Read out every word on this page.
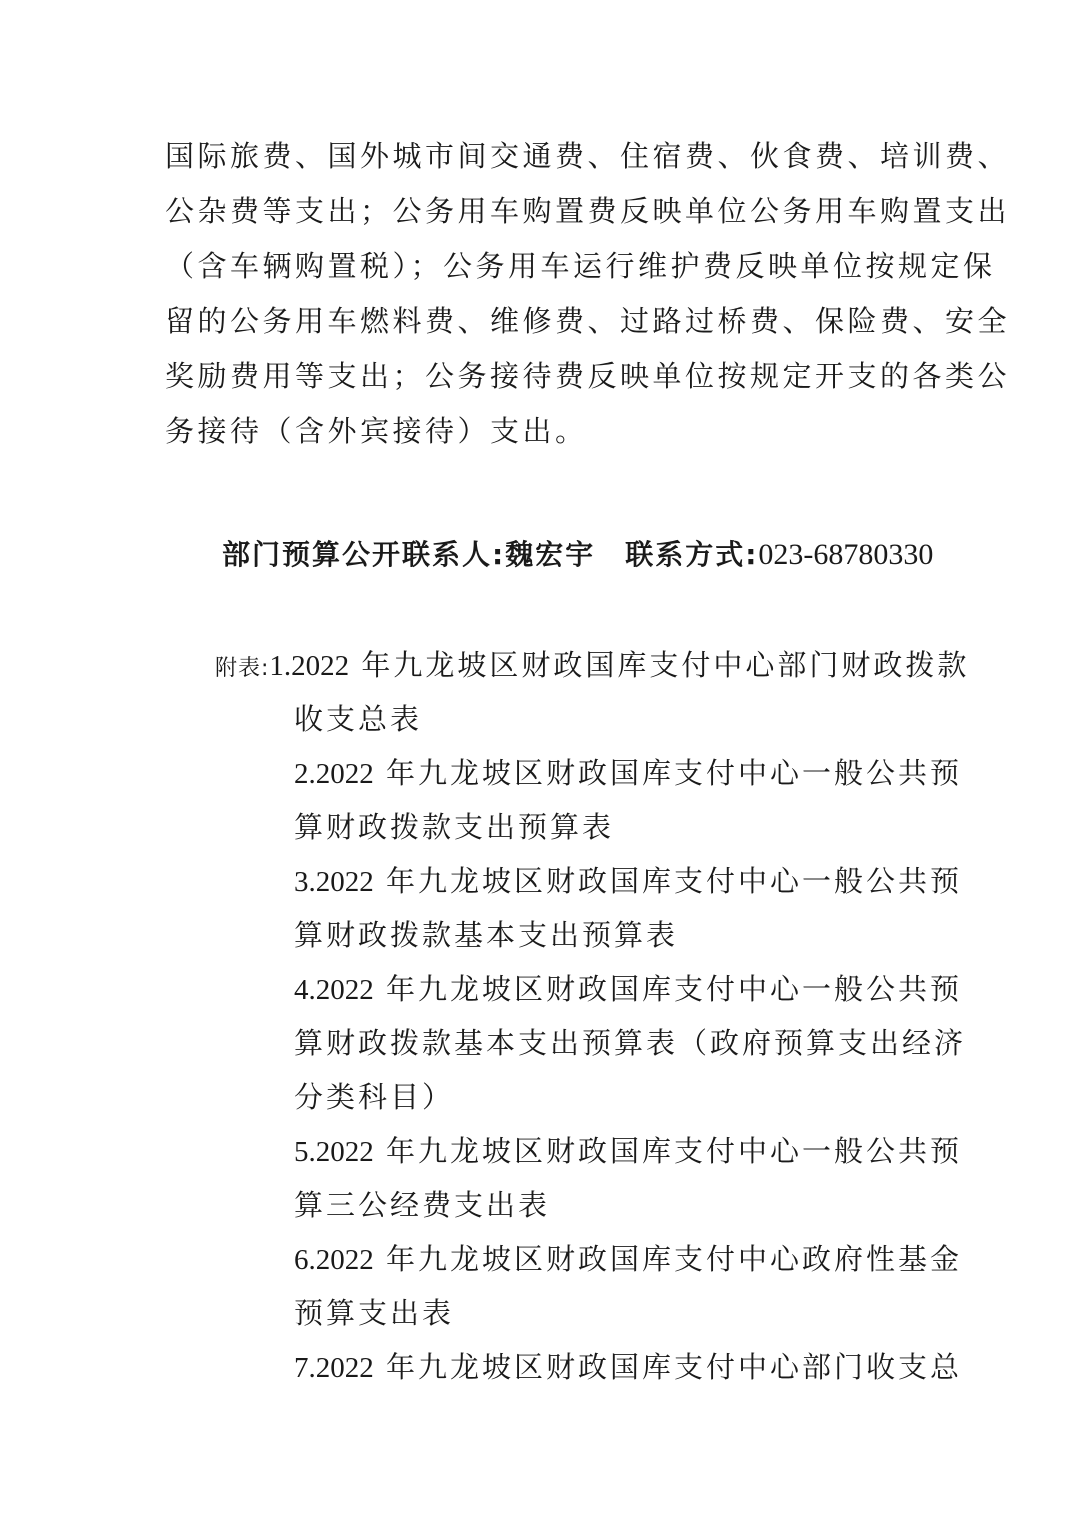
国际旅费、国外城市间交通费、住宿费、伙食费、培训费、

公杂费等支出；公务用车购置费反映单位公务用车购置支出

（含车辆购置税）；公务用车运行维护费反映单位按规定保

留的公务用车燃料费、维修费、过路过桥费、保险费、安全

奖励费用等支出；公务接待费反映单位按规定开支的各类公

务接待（含外宾接待）支出。

部门预算公开联系人:魏宏宇 联系方式:023-68780330

附表:1.2022 年九龙坡区财政国库支付中心部门财政拨款

收支总表

2.2022 年九龙坡区财政国库支付中心一般公共预

算财政拨款支出预算表

3.2022 年九龙坡区财政国库支付中心一般公共预

算财政拨款基本支出预算表

4.2022 年九龙坡区财政国库支付中心一般公共预

算财政拨款基本支出预算表（政府预算支出经济

分类科目）

5.2022 年九龙坡区财政国库支付中心一般公共预

算三公经费支出表

6.2022 年九龙坡区财政国库支付中心政府性基金

预算支出表

7.2022 年九龙坡区财政国库支付中心部门收支总
